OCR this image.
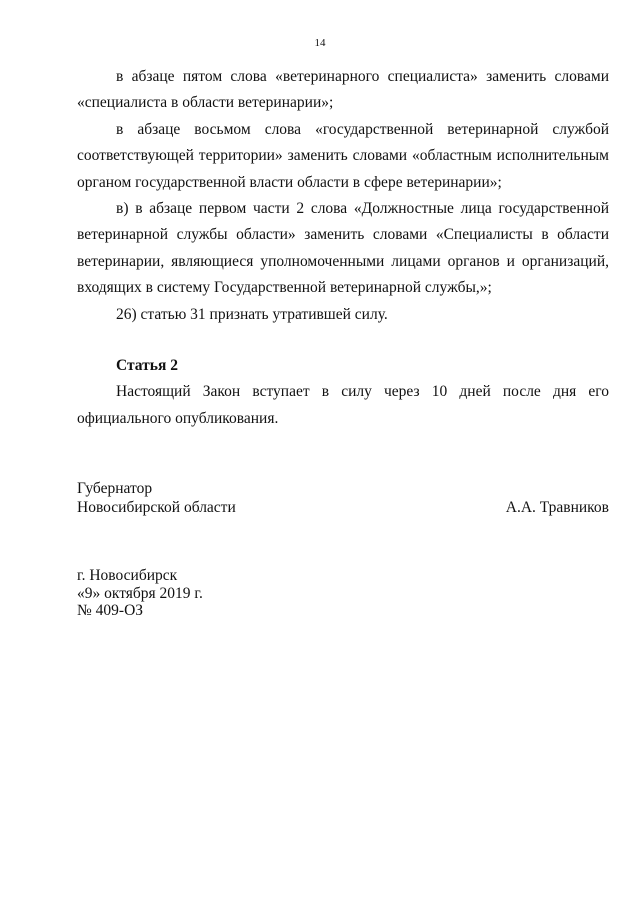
14

в абзаце пятом слова «ветеринарного специалиста» заменить словами «специалиста в области ветеринарии»;

в абзаце восьмом слова «государственной ветеринарной службой соответствующей территории» заменить словами «областным исполнительным органом государственной власти области в сфере ветеринарии»;

в) в абзаце первом части 2 слова «Должностные лица государственной ветеринарной службы области» заменить словами «Специалисты в области ветеринарии, являющиеся уполномоченными лицами органов и организаций, входящих в систему Государственной ветеринарной службы,»;

26) статью 31 признать утратившей силу.

Статья 2

Настоящий Закон вступает в силу через 10 дней после дня его официального опубликования.

Губернатор
Новосибирской области	А.А. Травников
г. Новосибирск
«9» октября 2019 г.
№ 409-ОЗ
